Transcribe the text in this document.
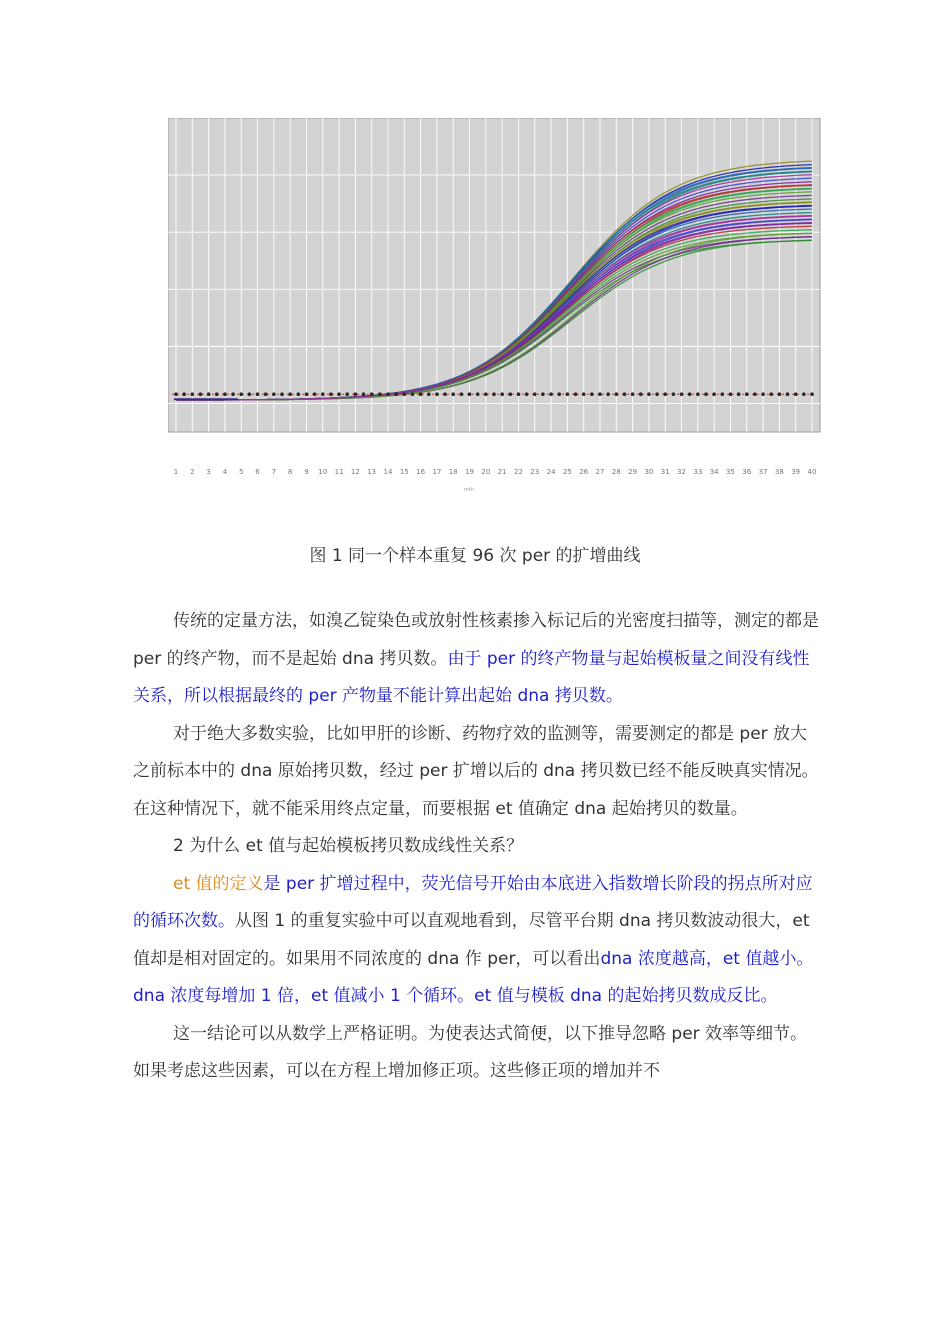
1 2 3 4 5 6 7 8 9 10 11 12 13 14 15 16 17 18 19 20 21 22 23 24 25 26 27 28 29 30 31 32 33 34 35 36 37 38 39 40
mth
图 1 同一个样本重复 96 次 per 的扩增曲线

传统的定量方法，如溴乙锭染色或放射性核素掺入标记后的光密度扫描等，测定的都是 per 的终产物，而不是起始 dna 拷贝数。由于 per 的终产物量与起始模板量之间没有线性关系，所以根据最终的 per 产物量不能计算出起始 dna 拷贝数。

对于绝大多数实验，比如甲肝的诊断、药物疗效的监测等，需要测定的都是 per 放大之前标本中的 dna 原始拷贝数，经过 per 扩增以后的 dna 拷贝数已经不能反映真实情况。在这种情况下，就不能采用终点定量，而要根据 et 值确定 dna 起始拷贝的数量。

2 为什么 et 值与起始模板拷贝数成线性关系？

et 值的定义是 per 扩增过程中，荧光信号开始由本底进入指数增长阶段的拐点所对应的循环次数。从图 1 的重复实验中可以直观地看到，尽管平台期 dna 拷贝数波动很大，et 值却是相对固定的。如果用不同浓度的 dna 作 per，可以看出dna 浓度越高，et 值越小。dna 浓度每增加 1 倍，et 值减小 1 个循环。et 值与模板 dna 的起始拷贝数成反比。

这一结论可以从数学上严格证明。为使表达式简便，以下推导忽略 per 效率等细节。如果考虑这些因素，可以在方程上增加修正项。这些修正项的增加并不
